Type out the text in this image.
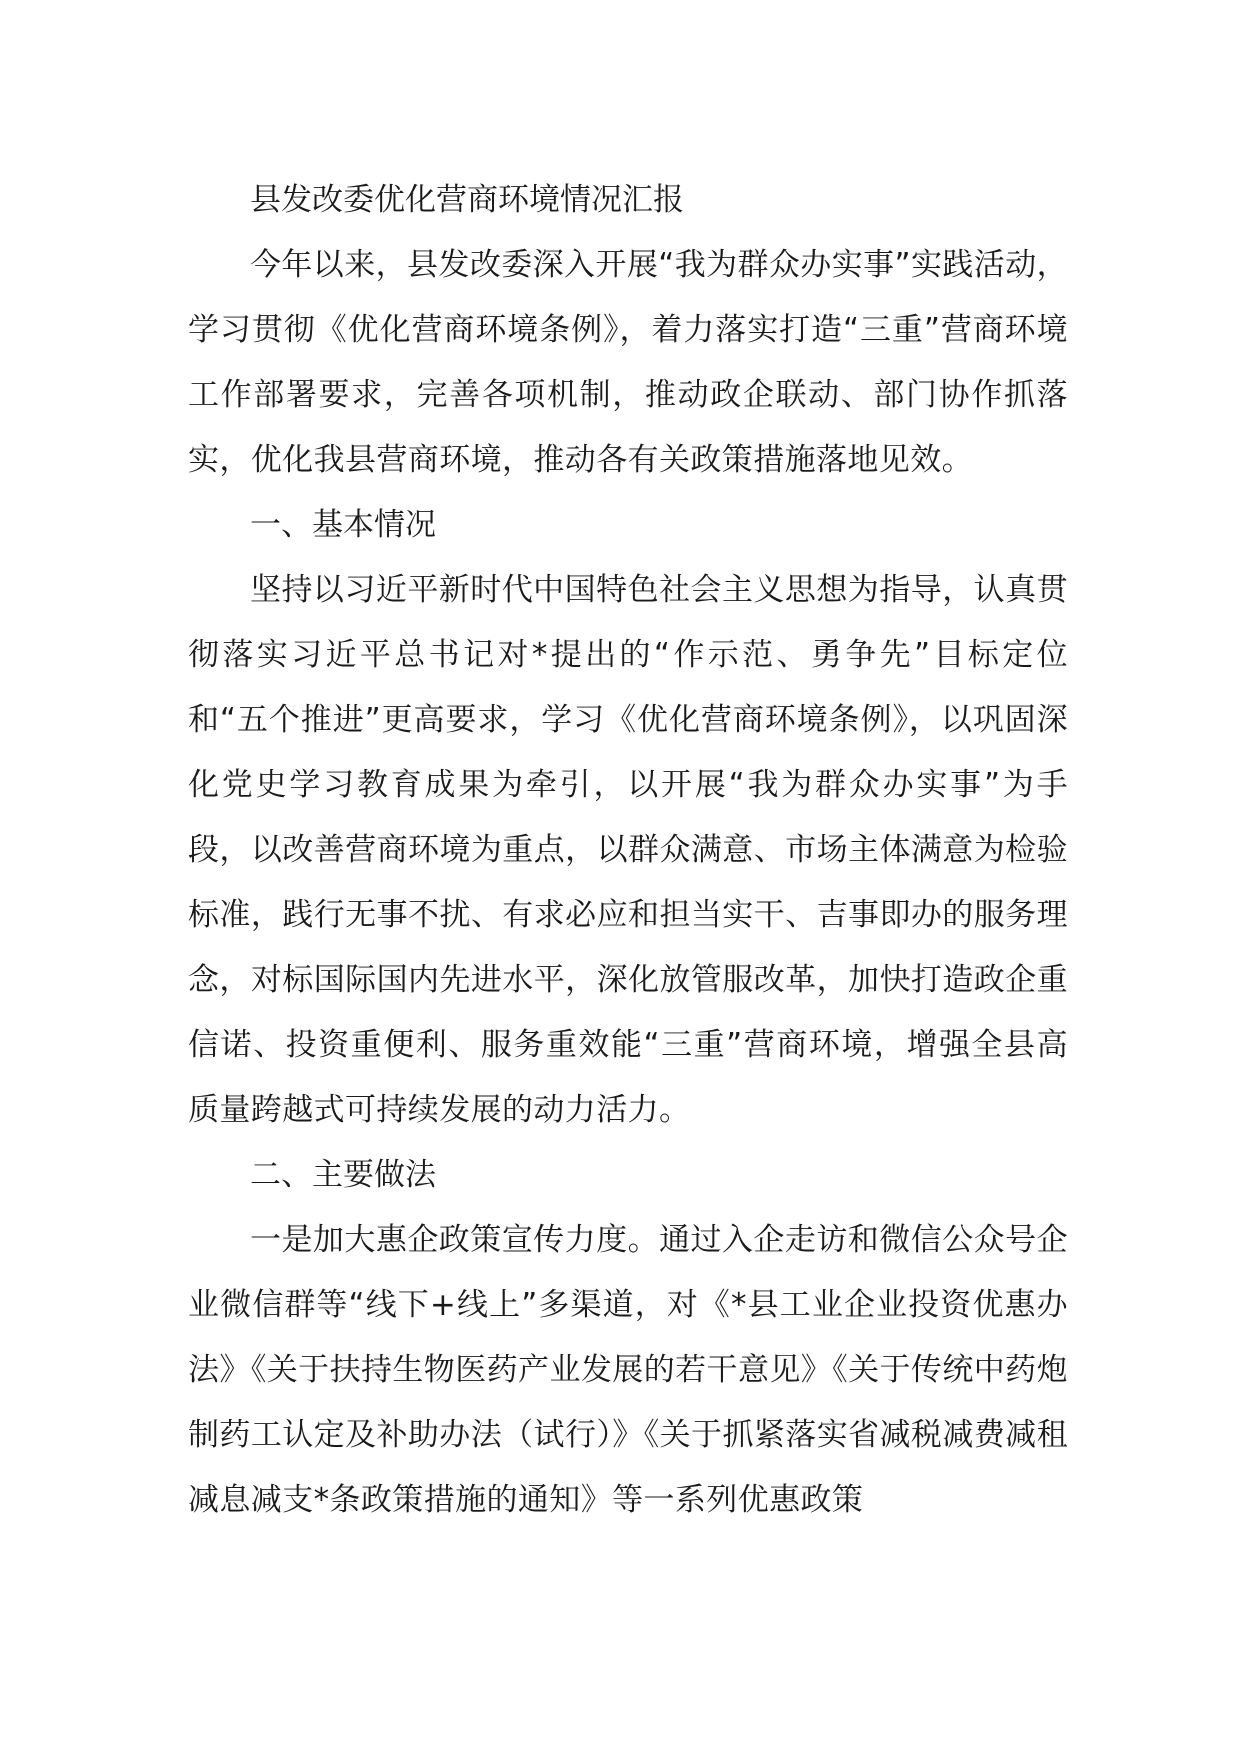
县发改委优化营商环境情况汇报

今年以来，县发改委深入开展“我为群众办实事”实践活动，学习贯彻《优化营商环境条例》，着力落实打造“三重”营商环境工作部署要求，完善各项机制，推动政企联动、部门协作抓落实，优化我县营商环境，推动各有关政策措施落地见效。

一、基本情况

坚持以习近平新时代中国特色社会主义思想为指导，认真贯彻落实习近平总书记对*提出的“作示范、勇争先”目标定位和“五个推进”更高要求，学习《优化营商环境条例》，以巩固深化党史学习教育成果为牵引，以开展“我为群众办实事”为手段，以改善营商环境为重点，以群众满意、市场主体满意为检验标准，践行无事不扰、有求必应和担当实干、吉事即办的服务理念，对标国际国内先进水平，深化放管服改革，加快打造政企重信诺、投资重便利、服务重效能“三重”营商环境，增强全县高质量跨越式可持续发展的动力活力。

二、主要做法

一是加大惠企政策宣传力度。通过入企走访和微信公众号企业微信群等“线下+线上”多渠道，对《*县工业企业投资优惠办法》《关于扶持生物医药产业发展的若干意见》《关于传统中药炮制药工认定及补助办法（试行）》《关于抓紧落实省减税减费减租减息减支*条政策措施的通知》等一系列优惠政策
